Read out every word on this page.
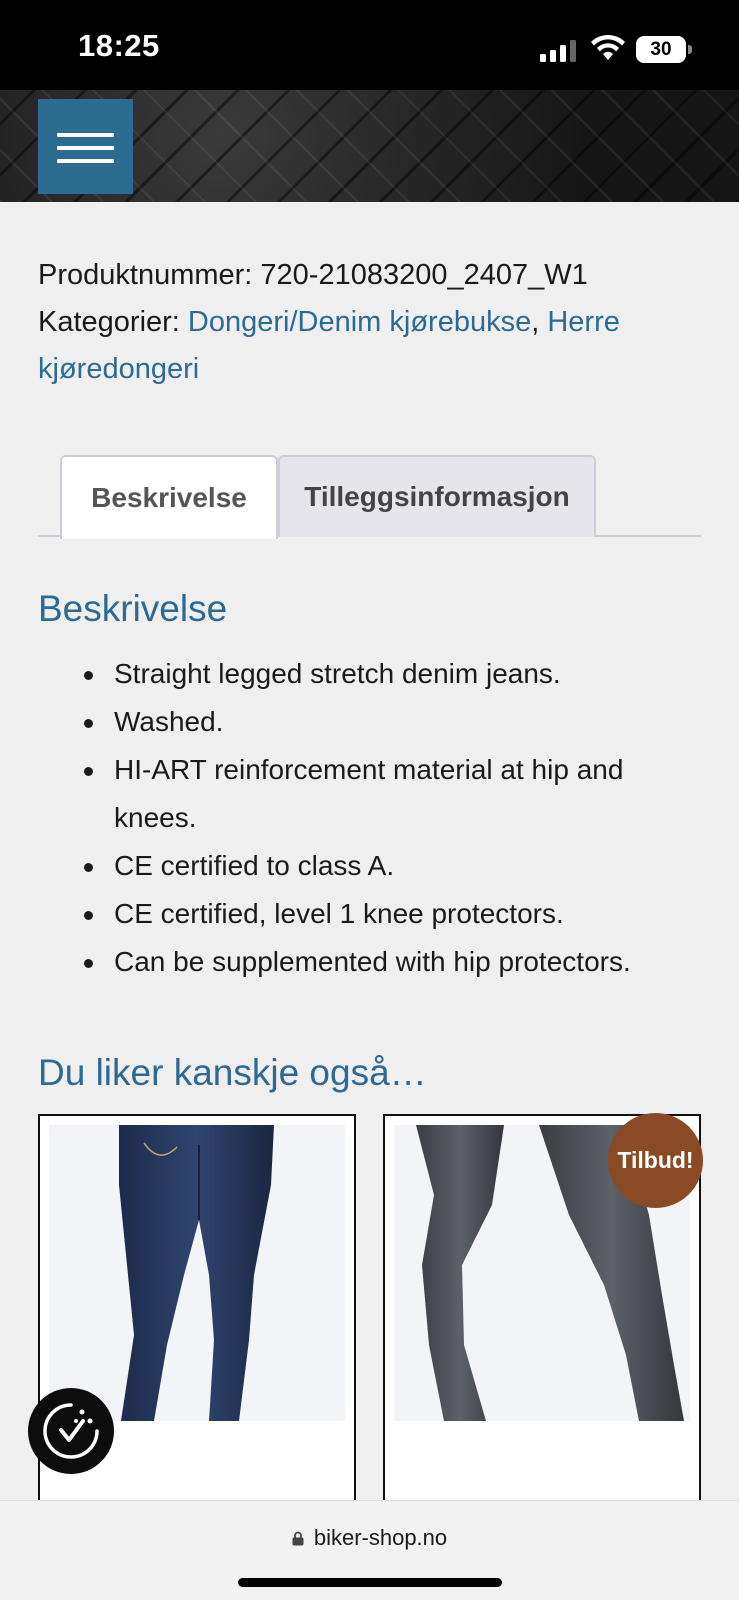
18:25	30
Produktnummer: 720-21083200_2407_W1
Kategorier: Dongeri/Denim kjørebukse, Herre kjøredongeri
Beskrivelse	Tilleggsinformasjon
Beskrivelse
Straight legged stretch denim jeans.
Washed.
HI-ART reinforcement material at hip and knees.
CE certified to class A.
CE certified, level 1 knee protectors.
Can be supplemented with hip protectors.
Du liker kanskje også…
Tilbud!
biker-shop.no
